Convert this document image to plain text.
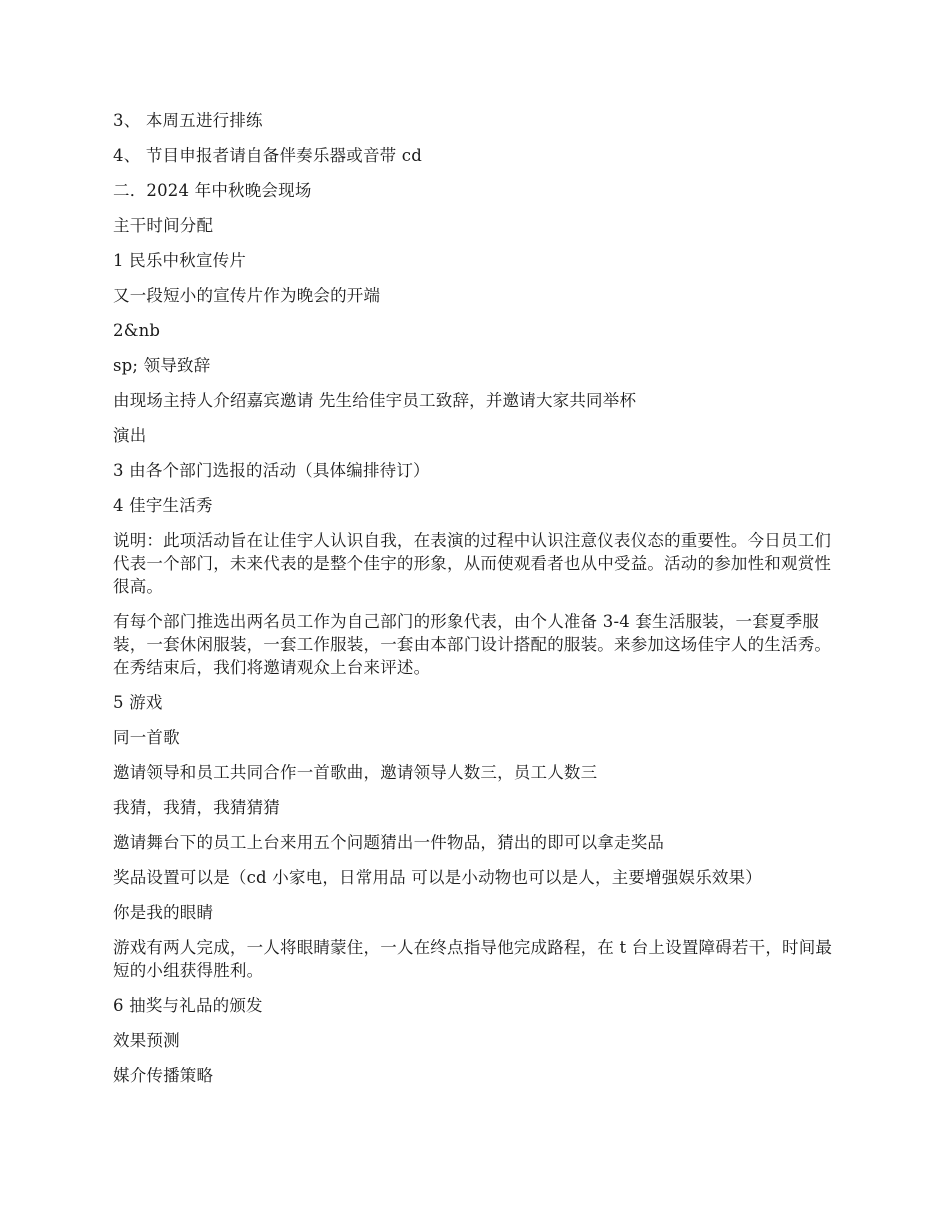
3、 本周五进行排练

4、 节目申报者请自备伴奏乐器或音带 cd

二．2024 年中秋晚会现场

主干时间分配

1 民乐中秋宣传片

又一段短小的宣传片作为晚会的开端

2&nb

sp; 领导致辞

由现场主持人介绍嘉宾邀请 先生给佳宇员工致辞，并邀请大家共同举杯

演出

3 由各个部门选报的活动（具体编排待订）

4 佳宇生活秀

说明：此项活动旨在让佳宇人认识自我，在表演的过程中认识注意仪表仪态的重要性。今日员工们代表一个部门，未来代表的是整个佳宇的形象，从而使观看者也从中受益。活动的参加性和观赏性很高。

有每个部门推选出两名员工作为自己部门的形象代表，由个人准备 3-4 套生活服装，一套夏季服装，一套休闲服装，一套工作服装，一套由本部门设计搭配的服装。来参加这场佳宇人的生活秀。在秀结束后，我们将邀请观众上台来评述。

5 游戏

同一首歌

邀请领导和员工共同合作一首歌曲，邀请领导人数三，员工人数三

我猜，我猜，我猜猜猜

邀请舞台下的员工上台来用五个问题猜出一件物品，猜出的即可以拿走奖品

奖品设置可以是（cd 小家电，日常用品 可以是小动物也可以是人，主要增强娱乐效果）

你是我的眼睛

游戏有两人完成，一人将眼睛蒙住，一人在终点指导他完成路程，在 t 台上设置障碍若干，时间最短的小组获得胜利。

6 抽奖与礼品的颁发

效果预测

媒介传播策略
